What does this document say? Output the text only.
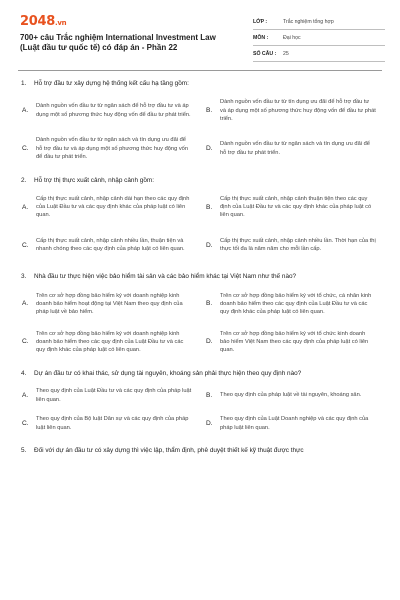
2048.vn
700+ câu Trắc nghiệm International Investment Law (Luật đầu tư quốc tế) có đáp án - Phần 22
LỚP :	Trắc nghiệm tổng hợp
MÔN :	Đại học
SỐ CÂU :	25
1.	Hỗ trợ đầu tư xây dựng hệ thống kết cấu hạ tầng gồm:
A.
Dành nguồn vốn đầu tư từ ngân sách để hỗ trợ đầu tư và áp dụng một số phương thức huy động vốn để đầu tư phát triển.
B.
Dành nguồn vốn đầu tư từ tín dụng ưu đãi để hỗ trợ đầu tư và áp dụng một số phương thức huy động vốn để đầu tư phát triển.
C.
Dành nguồn vốn đầu tư từ ngân sách và tín dụng ưu đãi để hỗ trợ đầu tư và áp dụng một số phương thức huy động vốn để đầu tư phát triển.
D.
Dành nguồn vốn đầu tư từ ngân sách và tín dụng ưu đãi để hỗ trợ đầu tư phát triển.
2.	Hỗ trợ thị thực xuất cảnh, nhập cảnh gồm:
A.
Cấp thị thực xuất cảnh, nhập cảnh dài hạn theo các quy định của Luật Đầu tư và các quy định khác của pháp luật có liên quan.
B.
Cấp thị thực xuất cảnh, nhập cảnh thuận tiện theo các quy định của Luật Đầu tư và các quy định khác của pháp luật có liên quan.
C.
Cấp thị thực xuất cảnh, nhập cảnh nhiều lần, thuận tiện và nhanh chóng theo các quy định của pháp luật có liên quan.
D.
Cấp thị thực xuất cảnh, nhập cảnh nhiều lần. Thời hạn của thị thực tối đa là năm năm cho mỗi lần cấp.
3.	Nhà đầu tư thực hiện việc bảo hiểm tài sản và các bảo hiểm khác tại Việt Nam như thế nào?
A.
Trên cơ sở hợp đồng bảo hiểm ký với doanh nghiệp kinh doanh bảo hiểm hoạt động tại Việt Nam theo quy định của pháp luật về bảo hiểm.
B.
Trên cơ sở hợp đồng bảo hiểm ký với tổ chức, cá nhân kinh doanh bảo hiểm theo các quy định của Luật Đầu tư và các quy định khác của pháp luật có liên quan.
C.
Trên cơ sở hợp đồng bảo hiểm ký với doanh nghiệp kinh doanh bảo hiểm theo các quy định của Luật Đầu tư và các quy định khác của pháp luật có liên quan.
D.
Trên cơ sở hợp đồng bảo hiểm ký với tổ chức kinh doanh bảo hiểm Việt Nam theo các quy định của pháp luật có liên quan.
4.	Dự án đầu tư có khai thác, sử dụng tài nguyên, khoáng sản phải thực hiện theo quy định nào?
A.
Theo quy định của Luật Đầu tư và các quy định của pháp luật liên quan.
B.	Theo quy định của pháp luật về tài nguyên, khoáng sản.
C.
Theo quy định của Bộ luật Dân sự và các quy định của pháp luật liên quan.
D.
Theo quy định của Luật Doanh nghiệp và các quy định của pháp luật liên quan.
5.	Đối với dự án đầu tư có xây dựng thì việc lập, thẩm định, phê duyệt thiết kế kỹ thuật được thực
